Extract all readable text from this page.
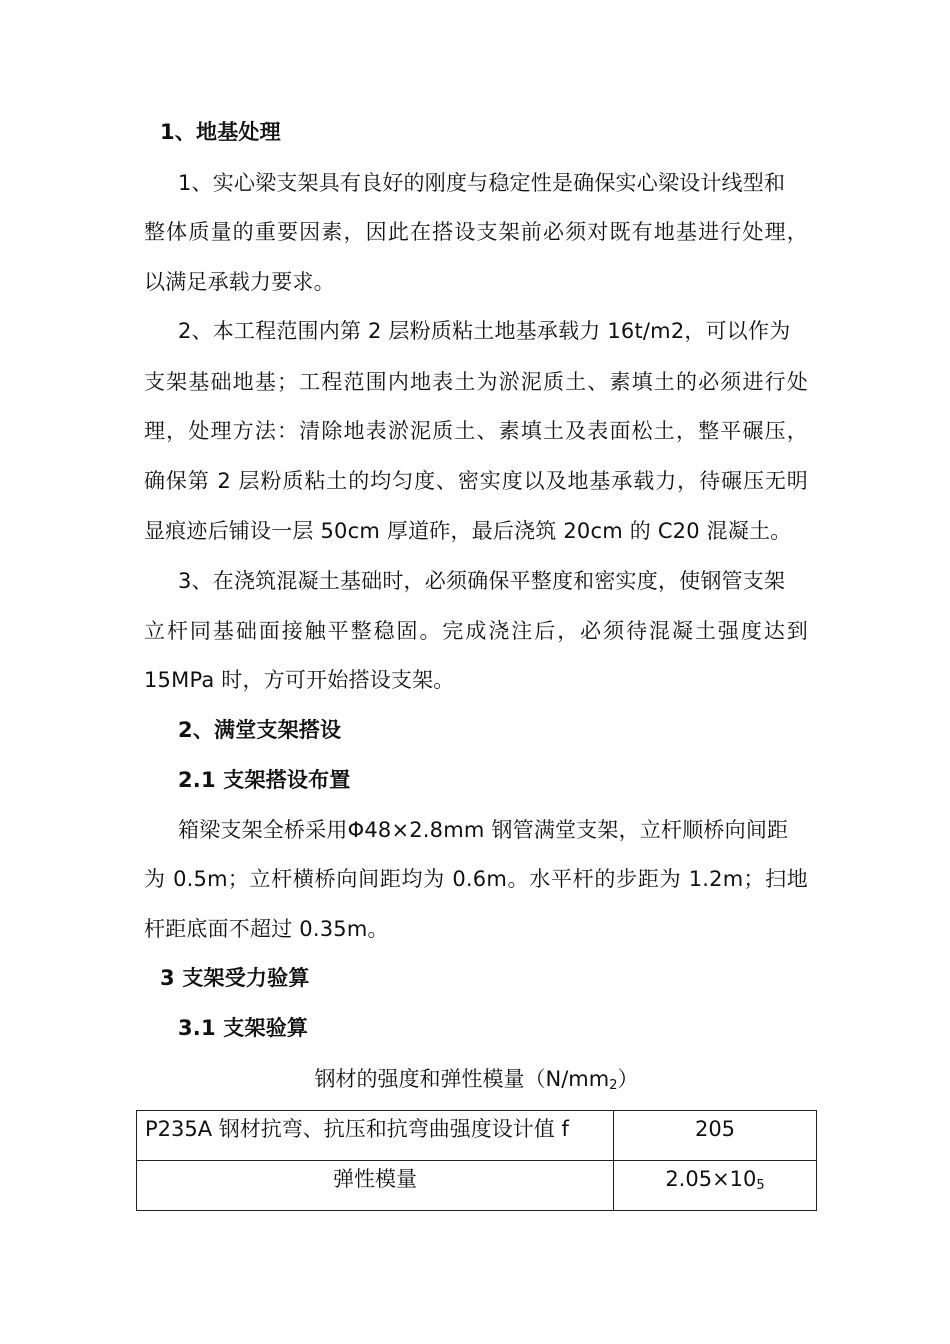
1、地基处理
1、实心梁支架具有良好的刚度与稳定性是确保实心梁设计线型和
整体质量的重要因素，因此在搭设支架前必须对既有地基进行处理，
以满足承载力要求。
2、本工程范围内第 2 层粉质粘土地基承载力 16t/m2，可以作为
支架基础地基；工程范围内地表土为淤泥质土、素填土的必须进行处
理，处理方法：清除地表淤泥质土、素填土及表面松土，整平碾压，
确保第 2 层粉质粘土的均匀度、密实度以及地基承载力，待碾压无明
显痕迹后铺设一层 50cm 厚道砟，最后浇筑 20cm 的 C20 混凝土。
3、在浇筑混凝土基础时，必须确保平整度和密实度，使钢管支架
立杆同基础面接触平整稳固。完成浇注后，必须待混凝土强度达到
15MPa 时，方可开始搭设支架。
2、满堂支架搭设
2.1 支架搭设布置
箱梁支架全桥采用Φ48×2.8mm 钢管满堂支架，立杆顺桥向间距
为 0.5m；立杆横桥向间距均为 0.6m。水平杆的步距为 1.2m；扫地
杆距底面不超过 0.35m。
3 支架受力验算
3.1 支架验算
钢材的强度和弹性模量$(N/mm_2)$
P235A 钢材抗弯、抗压和抗弯曲强度设计值 f	205
弹性模量	$2.05\times 10_5$
